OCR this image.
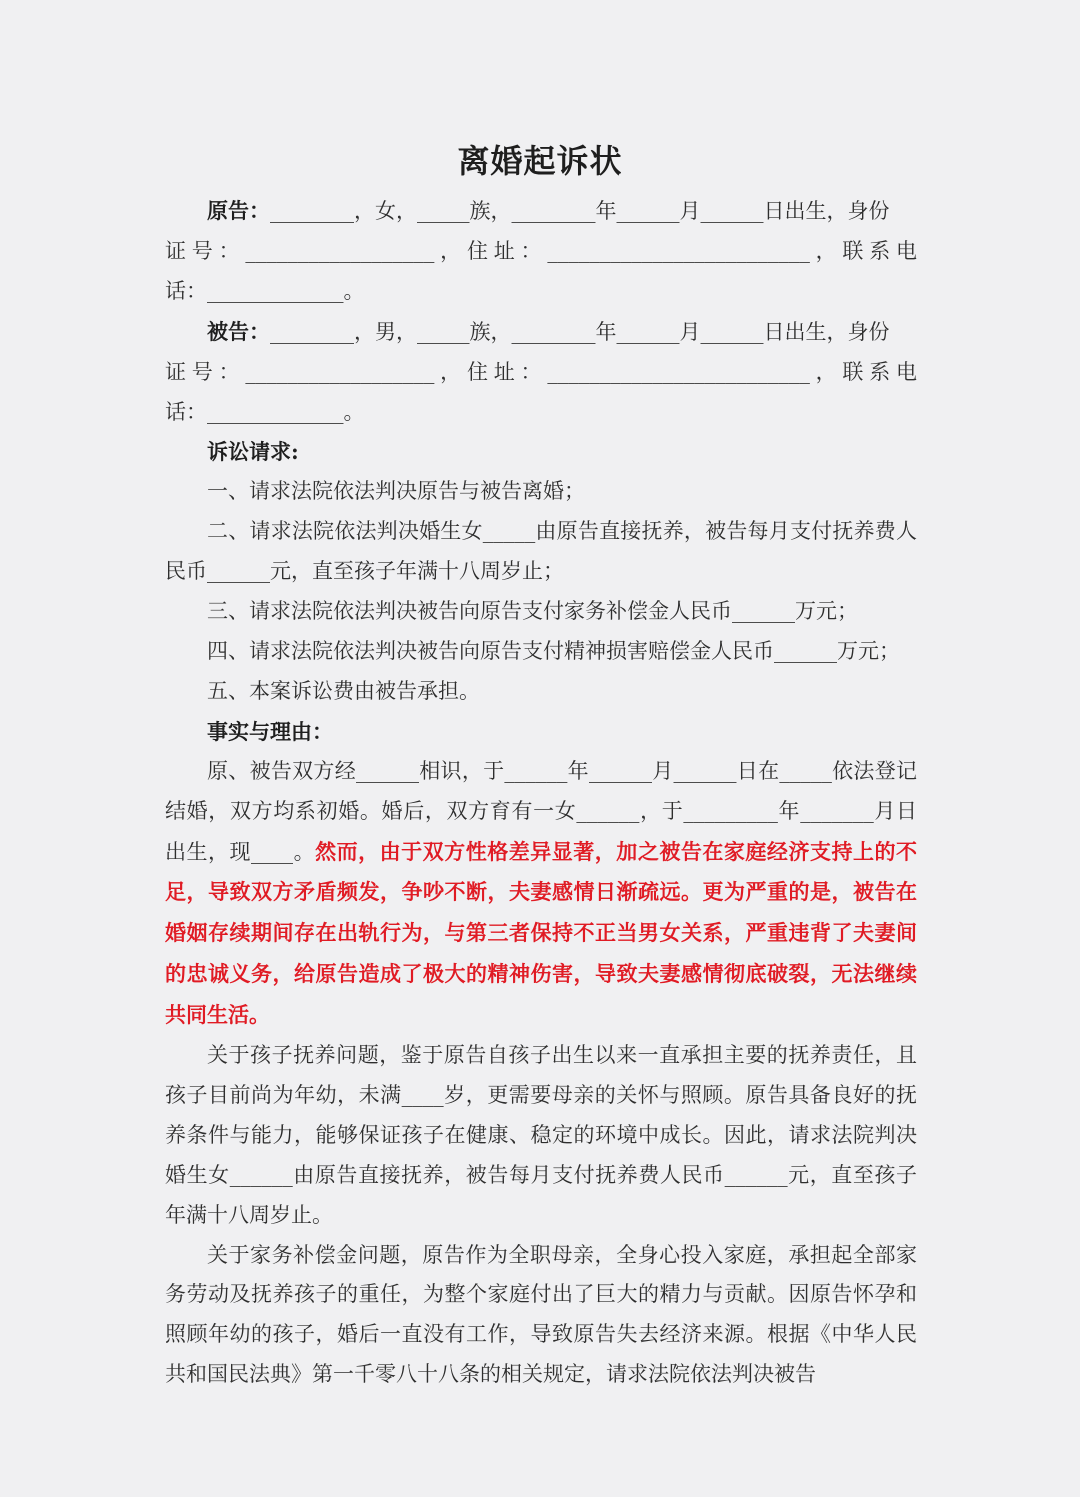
离婚起诉状

原告：________，女，_____族，________年______月______日出生，身份

证号：__________________，住址：_________________________，联系电

话：_____________。

被告：________，男，_____族，________年______月______日出生，身份

证号：__________________，住址：_________________________，联系电

话：_____________。

诉讼请求:

一、请求法院依法判决原告与被告离婚；

二、请求法院依法判决婚生女_____由原告直接抚养，被告每月支付抚养费人民币______元，直至孩子年满十八周岁止；

三、请求法院依法判决被告向原告支付家务补偿金人民币______万元；

四、请求法院依法判决被告向原告支付精神损害赔偿金人民币______万元；

五、本案诉讼费由被告承担。

事实与理由：

原、被告双方经______相识，于______年______月______日在_____依法登记结婚，双方均系初婚。婚后，双方育有一女______，于_________年_______月日出生，现____。然而，由于双方性格差异显著，加之被告在家庭经济支持上的不足，导致双方矛盾频发，争吵不断，夫妻感情日渐疏远。更为严重的是，被告在婚姻存续期间存在出轨行为，与第三者保持不正当男女关系，严重违背了夫妻间的忠诚义务，给原告造成了极大的精神伤害，导致夫妻感情彻底破裂，无法继续共同生活。

关于孩子抚养问题，鉴于原告自孩子出生以来一直承担主要的抚养责任，且孩子目前尚为年幼，未满____岁，更需要母亲的关怀与照顾。原告具备良好的抚养条件与能力，能够保证孩子在健康、稳定的环境中成长。因此，请求法院判决婚生女______由原告直接抚养，被告每月支付抚养费人民币______元，直至孩子年满十八周岁止。

关于家务补偿金问题，原告作为全职母亲，全身心投入家庭，承担起全部家务劳动及抚养孩子的重任，为整个家庭付出了巨大的精力与贡献。因原告怀孕和照顾年幼的孩子，婚后一直没有工作，导致原告失去经济来源。根据《中华人民共和国民法典》第一千零八十八条的相关规定，请求法院依法判决被告
